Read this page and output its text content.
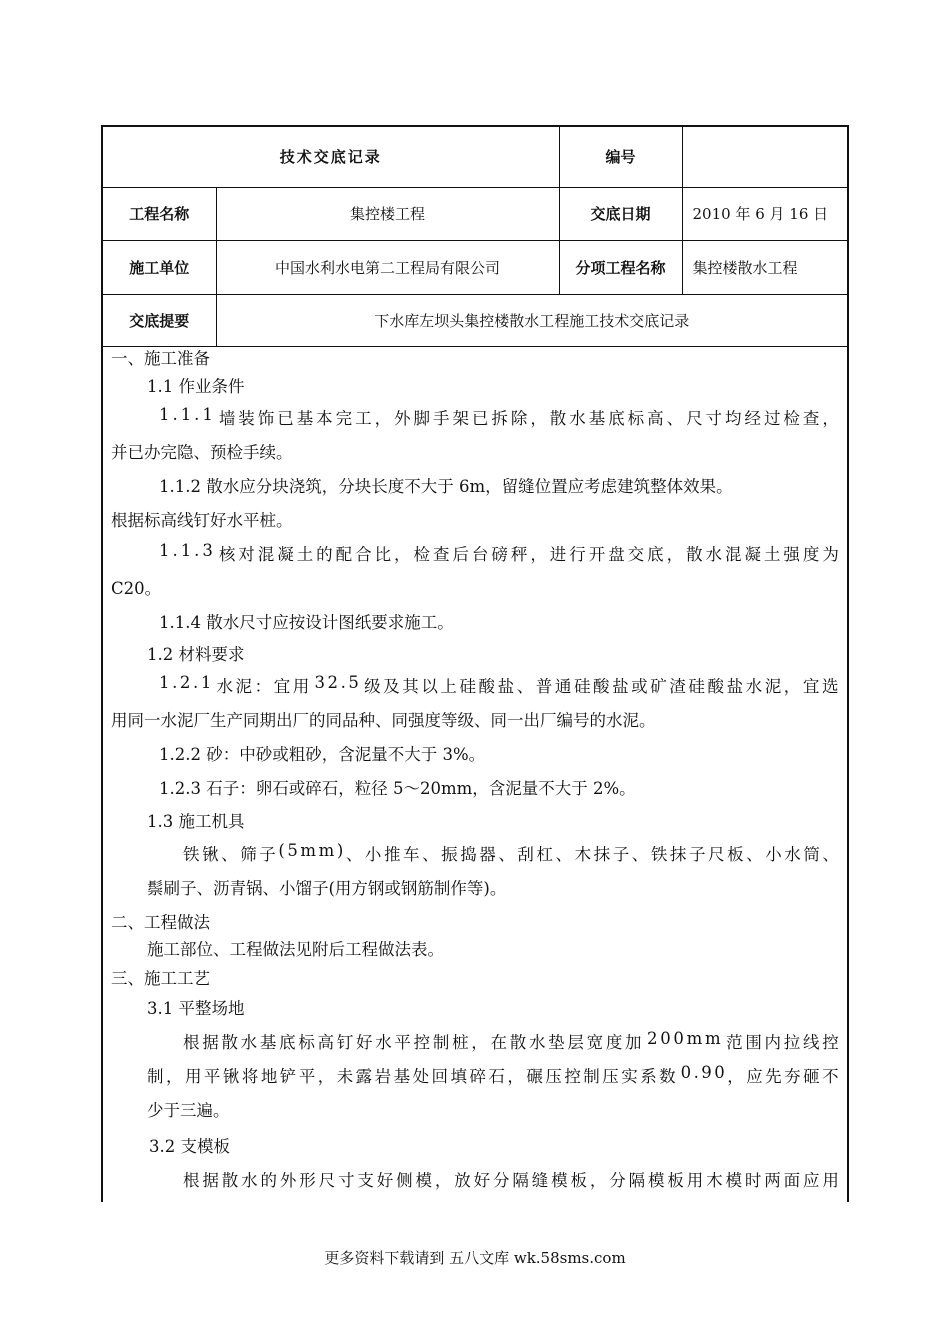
技术交底记录		编号	
工程名称	集控楼工程	交底日期	2010 年 6 月 16 日
施工单位	中国水利水电第二工程局有限公司	分项工程名称	集控楼散水工程
交底提要	下水库左坝头集控楼散水工程施工技术交底记录		
一、施工准备
1.1 作业条件
1 . 1 . 1 墙 装 饰 已 基 本 完 工 ， 外 脚 手 架 已 拆 除 ， 散 水 基 底 标 高 、 尺 寸 均 经 过 检 查 ，
并已办完隐、预检手续。
1.1.2 散水应分块浇筑，分块长度不大于 6m，留缝位置应考虑建筑整体效果。
根据标高线钉好水平桩。
1 . 1 . 3 核 对 混 凝 土 的 配 合 比 ， 检 查 后 台 磅 秤 ， 进 行 开 盘 交 底 ， 散 水 混 凝 土 强 度 为
C20。
1.1.4 散水尺寸应按设计图纸要求施工。
1.2 材料要求
1 . 2 . 1 水 泥 ： 宜 用 3 2 . 5 级 及 其 以 上 硅 酸 盐 、 普 通 硅 酸 盐 或 矿 渣 硅 酸 盐 水 泥 ， 宜 选
用同一水泥厂生产同期出厂的同品种、同强度等级、同一出厂编号的水泥。
1.2.2 砂：中砂或粗砂，含泥量不大于 3%。
1.2.3 石子：卵石或碎石，粒径 5～20mm，含泥量不大于 2%。
1.3 施工机具
铁 锹 、 筛 子 ( 5 m m ) 、 小 推 车 、 振 捣 器 、 刮 杠 、 木 抹 子 、 铁 抹 子 尺 板 、 小 水 筒 、
鬃刷子、沥青锅、小馏子(用方钢或钢筋制作等)。
二、工程做法
施工部位、工程做法见附后工程做法表。
三、施工工艺
3.1 平整场地
根 据 散 水 基 底 标 高 钉 好 水 平 控 制 桩 ， 在 散 水 垫 层 宽 度 加 2 0 0 m m 范 围 内 拉 线 控
制 ， 用 平 锹 将 地 铲 平 ， 未 露 岩 基 处 回 填 碎 石 ， 碾 压 控 制 压 实 系 数 0 . 9 0 ， 应 先 夯 砸 不
少于三遍。
3.2 支模板
根 据 散 水 的 外 形 尺 寸 支 好 侧 模 ， 放 好 分 隔 缝 模 板 ， 分 隔 模 板 用 木 模 时 两 面 应 用
更多资料下载请到 五八文库 wk.58sms.com
